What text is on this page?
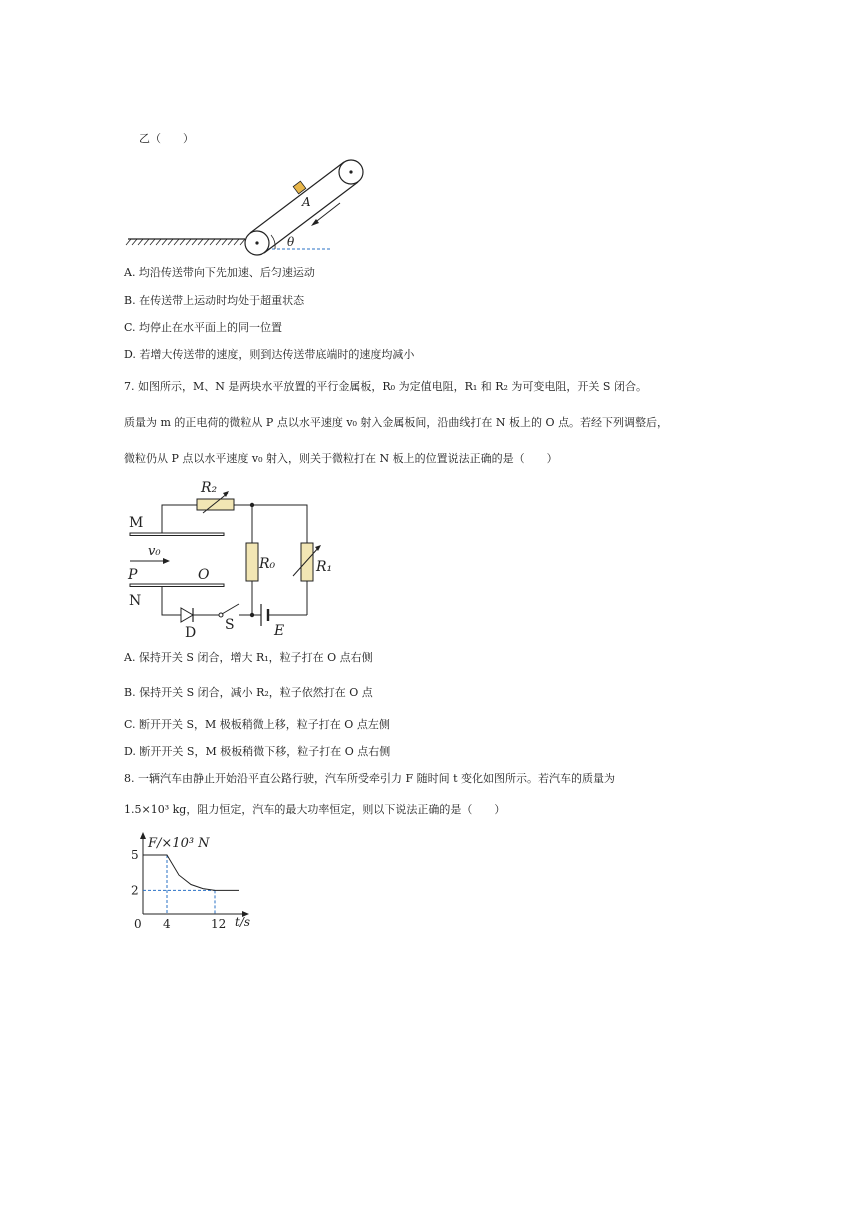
乙（　　）
A
θ
A. 均沿传送带向下先加速、后匀速运动
B. 在传送带上运动时均处于超重状态
C. 均停止在水平面上的同一位置
D. 若增大传送带的速度，则到达传送带底端时的速度均减小
7. 如图所示，M、N 是两块水平放置的平行金属板，R₀ 为定值电阻，R₁ 和 R₂ 为可变电阻，开关 S 闭合。
质量为 m 的正电荷的微粒从 P 点以水平速度 v₀ 射入金属板间，沿曲线打在 N 板上的 O 点。若经下列调整后，
微粒仍从 P 点以水平速度 v₀ 射入，则关于微粒打在 N 板上的位置说法正确的是（　　）
M
N
P	O
v₀
R₀	R₁
R₂
D S	E
A. 保持开关 S 闭合，增大 R₁，粒子打在 O 点右侧
B. 保持开关 S 闭合，减小 R₂，粒子依然打在 O 点
C. 断开开关 S，M 极板稍微上移，粒子打在 O 点左侧
D. 断开开关 S，M 极板稍微下移，粒子打在 O 点右侧
8. 一辆汽车由静止开始沿平直公路行驶，汽车所受牵引力 F 随时间 t 变化如图所示。若汽车的质量为
1.5×10³ kg，阻力恒定，汽车的最大功率恒定，则以下说法正确的是（　　）
F/×10³ N
t/s
0 4	12
5
2
